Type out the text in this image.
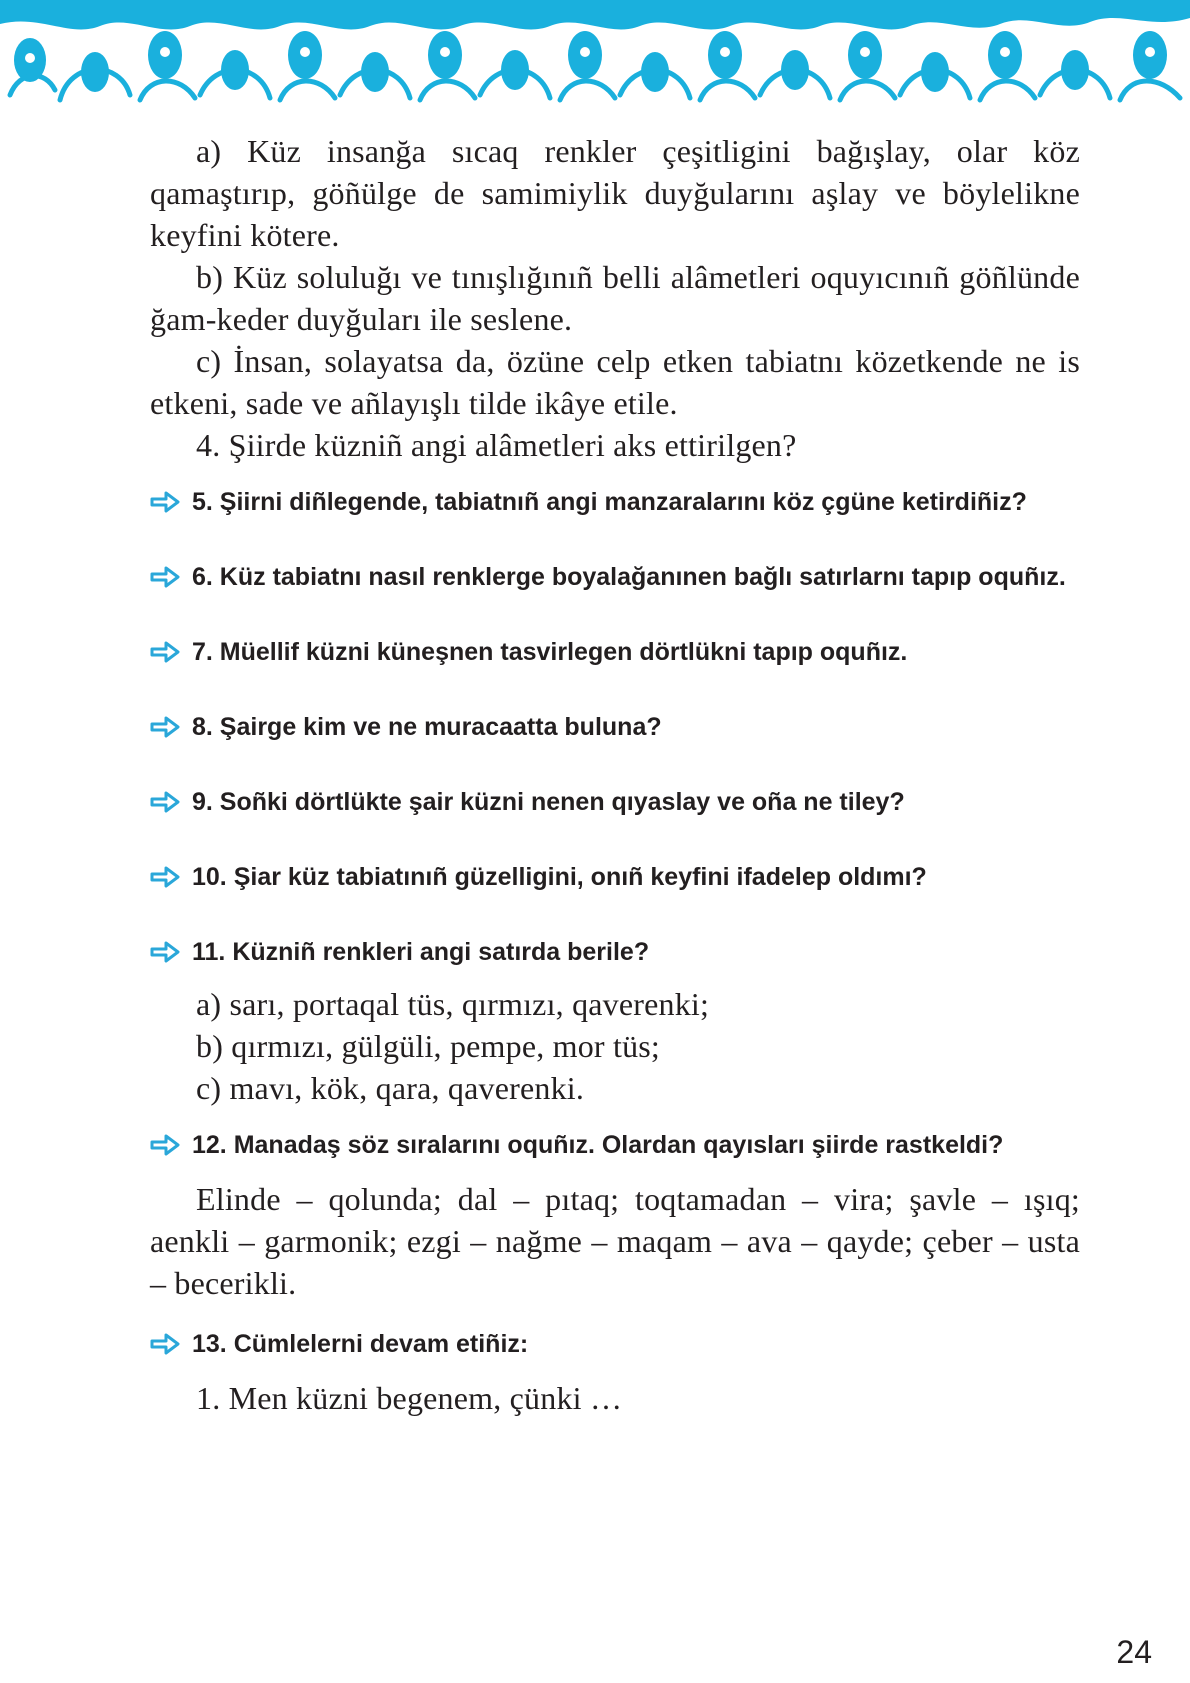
a) Küz insanğa sıcaq renkler çeşitligini bağışlay, olar köz qamaştırıp, göñülge de samimiylik duyğularını aşlay ve böylelikne keyfini kötere.

b) Küz soluluğı ve tınışlığınıñ belli alâmetleri oquyıcınıñ göñlünde ğam-keder duyğuları ile seslene.

c) İnsan, solayatsa da, özüne celp etken tabiatnı közetkende ne is etkeni, sade ve añlayışlı tilde ikâye etile.

4. Şiirde küzniñ angi alâmetleri aks ettirilgen?

5. Şiirni diñlegende, tabiatnıñ angi manzaralarını köz çgüne ketirdiñiz?
6. Küz tabiatnı nasıl renklerge boyalağanınen bağlı satırlarnı tapıp oquñız.
7. Müellif küzni küneşnen tasvirlegen dörtlükni tapıp oquñız.
8. Şairge kim ve ne muracaatta buluna?
9. Soñki dörtlükte şair küzni nenen qıyaslay ve oña ne tiley?
10. Şiar küz tabiatınıñ güzelligini, onıñ keyfini ifadelep oldımı?
11. Küzniñ renkleri angi satırda berile?

a) sarı, portaqal tüs, qırmızı, qaverenki;

b) qırmızı, gülgüli, pempe, mor tüs;

c) mavı, kök, qara, qaverenki.

12. Manadaş söz sıralarını oquñız. Olardan qayısları şiirde rastkeldi?

Elinde – qolunda; dal – pıtaq; toqtamadan – vira; şavle – ışıq; aenkli – garmonik; ezgi – nağme – maqam – ava – qayde; çeber – usta – becerikli.

13. Cümlelerni devam etiñiz:

1. Men küzni begenem, çünki …

24
